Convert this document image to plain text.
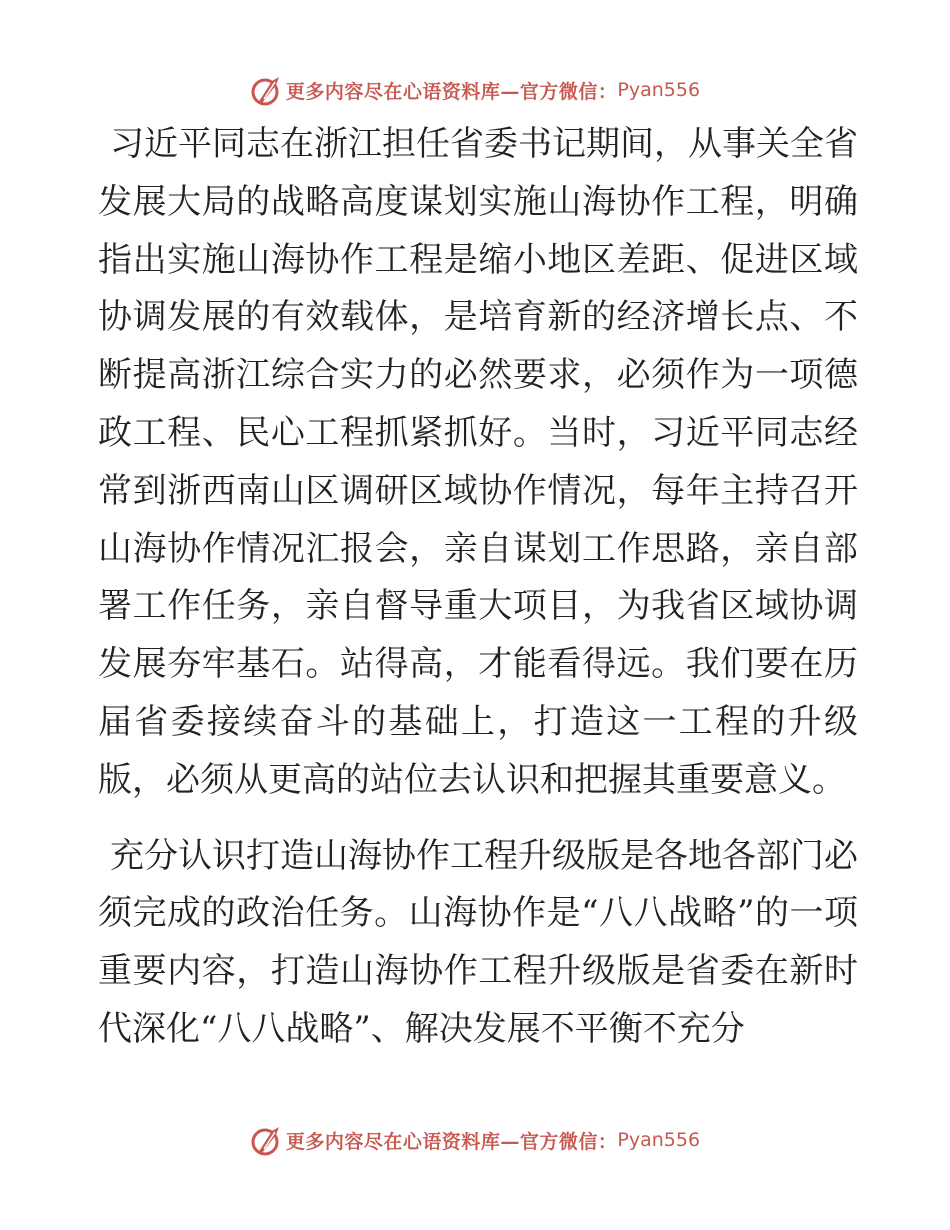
更多内容尽在心语资料库—官方微信： Pyan556

习近平同志在浙江担任省委书记期间，从事关全省发展大局的战略高度谋划实施山海协作工程，明确指出实施山海协作工程是缩小地区差距、促进区域协调发展的有效载体，是培育新的经济增长点、不断提高浙江综合实力的必然要求，必须作为一项德政工程、民心工程抓紧抓好。当时，习近平同志经常到浙西南山区调研区域协作情况，每年主持召开山海协作情况汇报会，亲自谋划工作思路，亲自部署工作任务，亲自督导重大项目，为我省区域协调发展夯牢基石。站得高，才能看得远。我们要在历届省委接续奋斗的基础上，打造这一工程的升级版，必须从更高的站位去认识和把握其重要意义。

充分认识打造山海协作工程升级版是各地各部门必须完成的政治任务。山海协作是“八八战略”的一项重要内容，打造山海协作工程升级版是省委在新时代深化“八八战略”、解决发展不平衡不充分

更多内容尽在心语资料库—官方微信： Pyan556
